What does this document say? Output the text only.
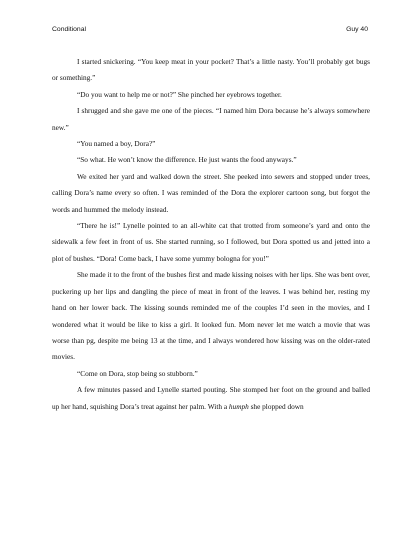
Conditional	Guy 40

I started snickering. “You keep meat in your pocket? That’s a little nasty. You’ll probably get bugs or something.”

“Do you want to help me or not?” She pinched her eyebrows together.

I shrugged and she gave me one of the pieces. “I named him Dora because he’s always somewhere new.”

“You named a boy, Dora?”

“So what. He won’t know the difference. He just wants the food anyways.”

We exited her yard and walked down the street. She peeked into sewers and stopped under trees, calling Dora’s name every so often. I was reminded of the Dora the explorer cartoon song, but forgot the words and hummed the melody instead.

“There he is!” Lynelle pointed to an all-white cat that trotted from someone’s yard and onto the sidewalk a few feet in front of us. She started running, so I followed, but Dora spotted us and jetted into a plot of bushes. “Dora! Come back, I have some yummy bologna for you!”

She made it to the front of the bushes first and made kissing noises with her lips. She was bent over, puckering up her lips and dangling the piece of meat in front of the leaves. I was behind her, resting my hand on her lower back. The kissing sounds reminded me of the couples I’d seen in the movies, and I wondered what it would be like to kiss a girl. It looked fun. Mom never let me watch a movie that was worse than pg, despite me being 13 at the time, and I always wondered how kissing was on the older-rated movies.

“Come on Dora, stop being so stubborn.”

A few minutes passed and Lynelle started pouting. She stomped her foot on the ground and balled up her hand, squishing Dora’s treat against her palm. With a humph she plopped down
